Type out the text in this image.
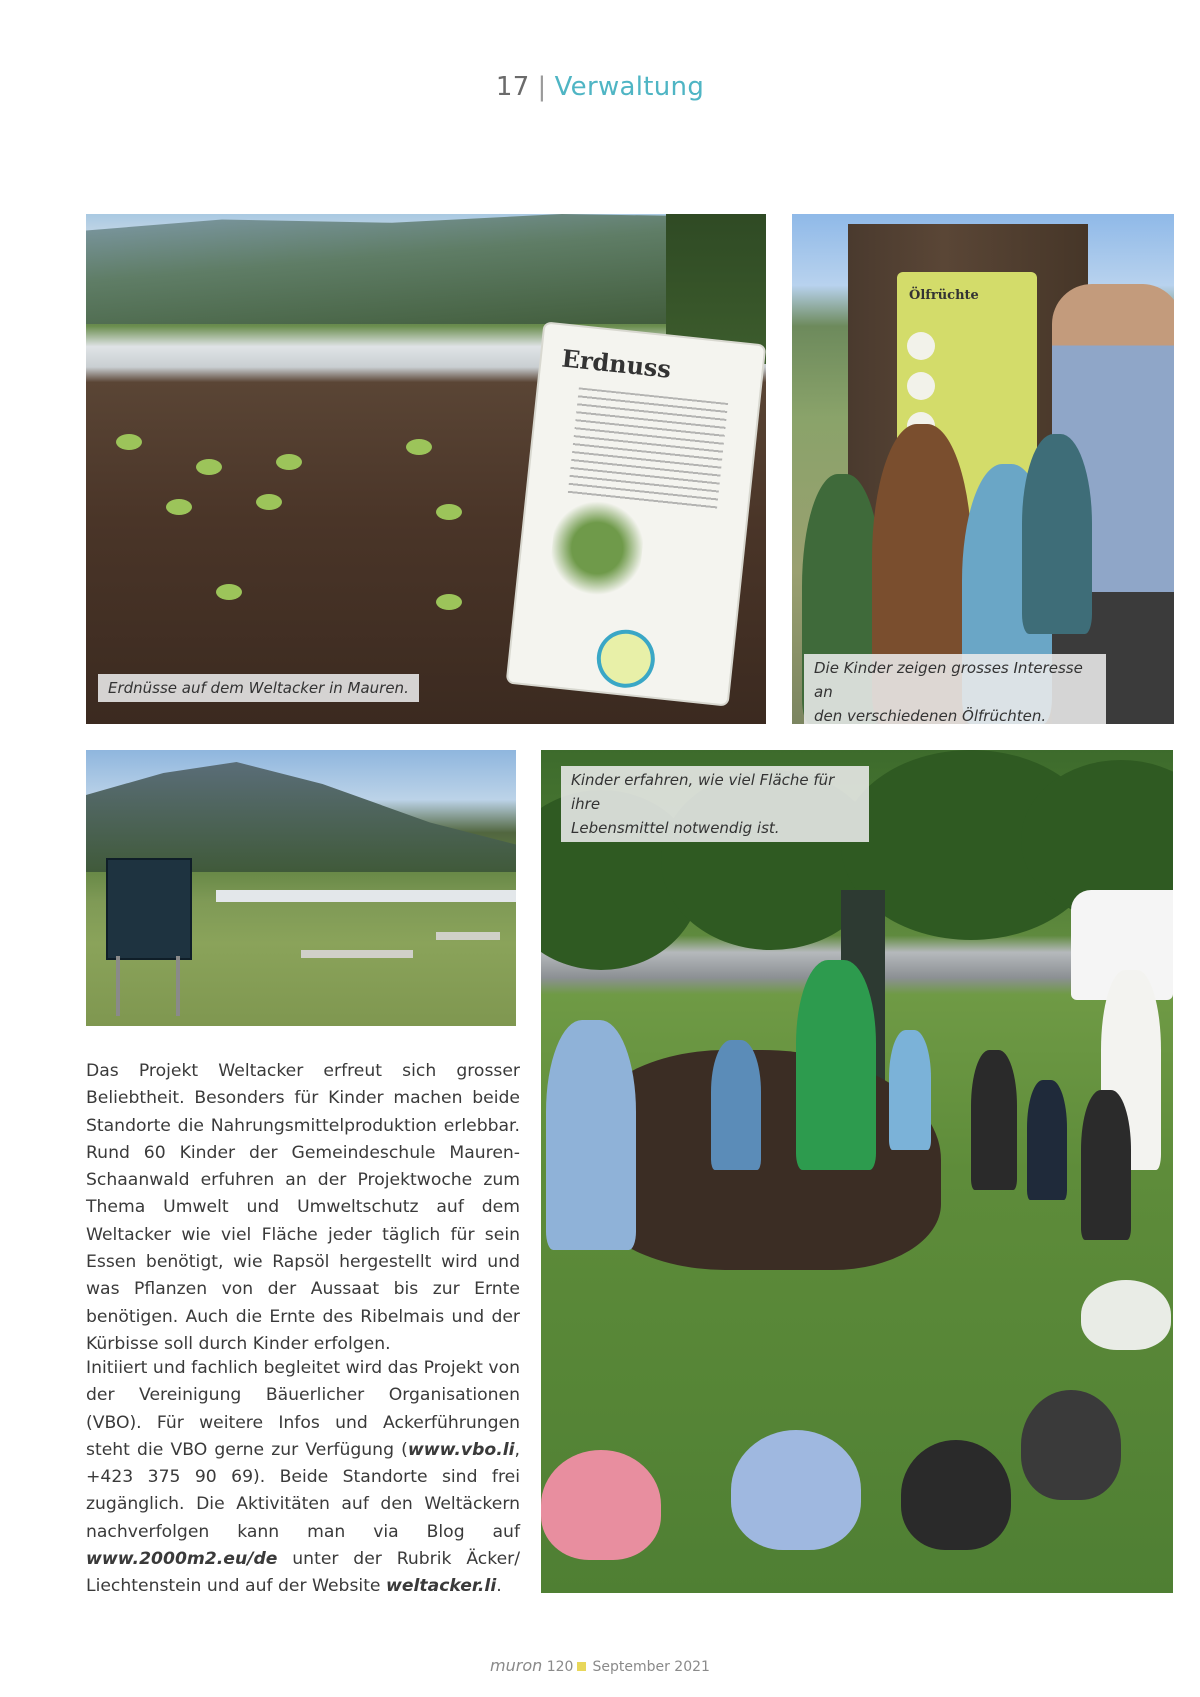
17 | Verwaltung
Erdnuss
Erdnüsse auf dem Weltacker in Mauren.
Ölfrüchte
Die Kinder zeigen grosses Interesse an
den verschiedenen Ölfrüchten.
Kinder erfahren, wie viel Fläche für ihre
Lebensmittel notwendig ist.

Das Projekt Weltacker erfreut sich grosser Beliebtheit. Besonders für Kinder machen beide Standorte die Nahrungsmittelproduktion erlebbar. Rund 60 Kinder der Gemeindeschule Mauren-Schaanwald erfuhren an der Projektwoche zum Thema Umwelt und Umweltschutz auf dem Weltacker wie viel Fläche jeder täglich für sein Essen benötigt, wie Rapsöl hergestellt wird und was Pflanzen von der Aussaat bis zur Ernte benötigen. Auch die Ernte des Ribelmais und der Kürbisse soll durch Kinder erfolgen.

Initiiert und fachlich begleitet wird das Projekt von der Vereinigung Bäuerlicher Organisationen (VBO). Für weitere Infos und Ackerführungen steht die VBO gerne zur Verfügung (www.vbo.li, +423 375 90 69). Beide Standorte sind frei zugänglich. Die Aktivitäten auf den Weltäckern nachverfolgen kann man via Blog auf www.2000m2.eu/de unter der Rubrik Äcker/ Liechtenstein und auf der Website weltacker.li.

muron 120 September 2021
